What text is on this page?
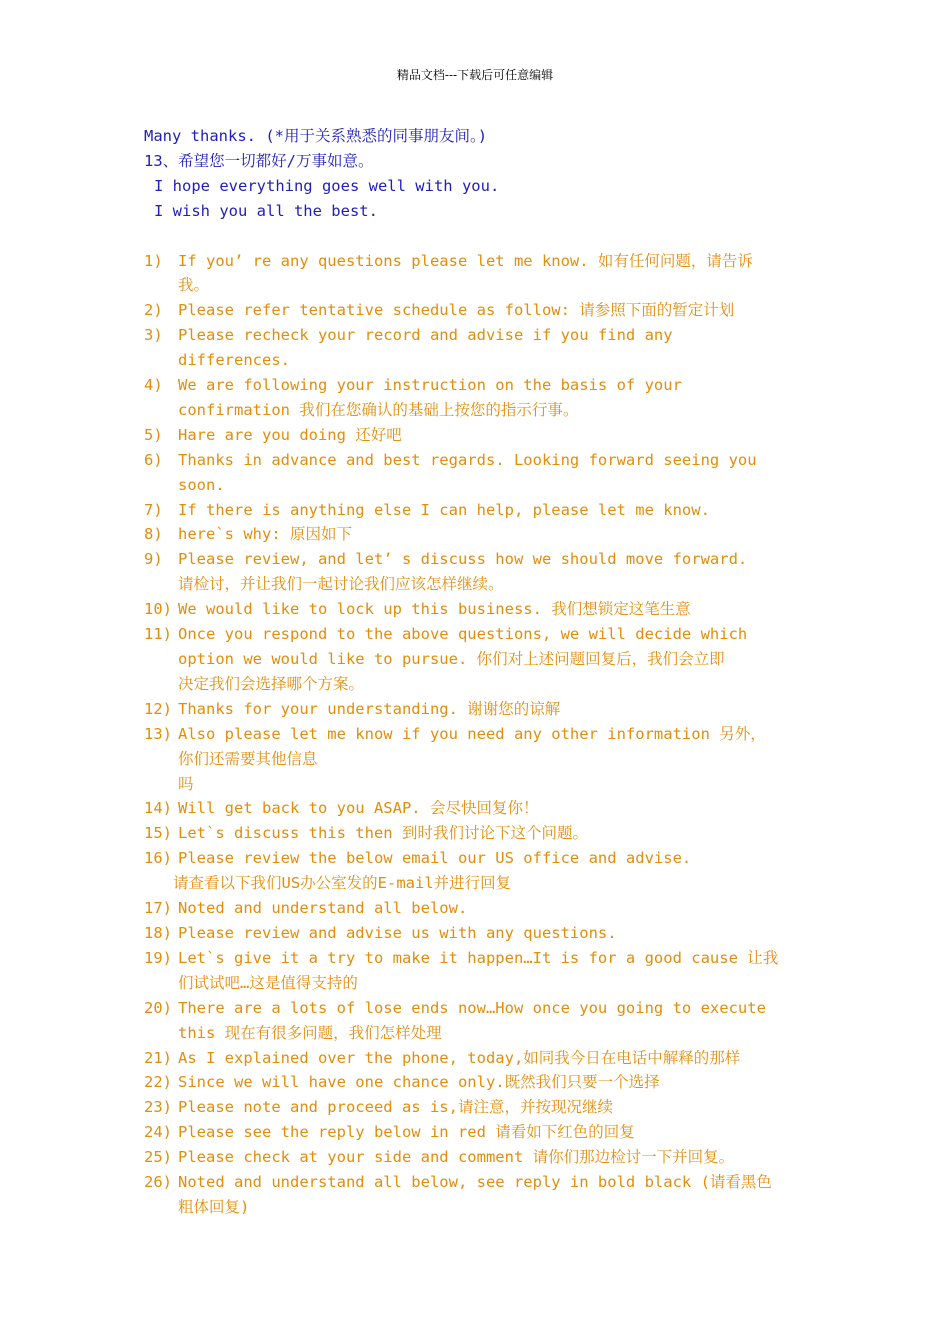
精品文档---下载后可任意编辑
Many thanks. (*用于关系熟悉的同事朋友间。)
13、希望您一切都好/万事如意。
I hope everything goes well with you.
I wish you all the best.
1) If you’ re any questions please let me know. 如有任何问题，请告诉
我。
2) Please refer tentative schedule as follow: 请参照下面的暂定计划
3) Please recheck your record and advise if you find any
differences.
4) We are following your instruction on the basis of your
confirmation 我们在您确认的基础上按您的指示行事。
5) Hare are you doing 还好吧
6) Thanks in advance and best regards. Looking forward seeing you
soon.
7) If there is anything else I can help, please let me know.
8) here`s why: 原因如下
9) Please review, and let’ s discuss how we should move forward.
请检讨，并让我们一起讨论我们应该怎样继续。
10) We would like to lock up this business. 我们想锁定这笔生意
11) Once you respond to the above questions, we will decide which
option we would like to pursue. 你们对上述问题回复后，我们会立即
决定我们会选择哪个方案。
12) Thanks for your understanding. 谢谢您的谅解
13) Also please let me know if you need any other information 另外，
你们还需要其他信息
吗
14) Will get back to you ASAP. 会尽快回复你！
15) Let`s discuss this then 到时我们讨论下这个问题。
16) Please review the below email our US office and advise.
请查看以下我们US办公室发的E-mail并进行回复
17) Noted and understand all below.
18) Please review and advise us with any questions.
19) Let`s give it a try to make it happen…It is for a good cause 让我
们试试吧…这是值得支持的
20) There are a lots of lose ends now…How once you going to execute
this 现在有很多问题，我们怎样处理
21) As I explained over the phone, today,如同我今日在电话中解释的那样
22) Since we will have one chance only.既然我们只要一个选择
23) Please note and proceed as is,请注意，并按现况继续
24) Please see the reply below in red 请看如下红色的回复
25) Please check at your side and comment 请你们那边检讨一下并回复。
26) Noted and understand all below, see reply in bold black (请看黑色
粗体回复)
